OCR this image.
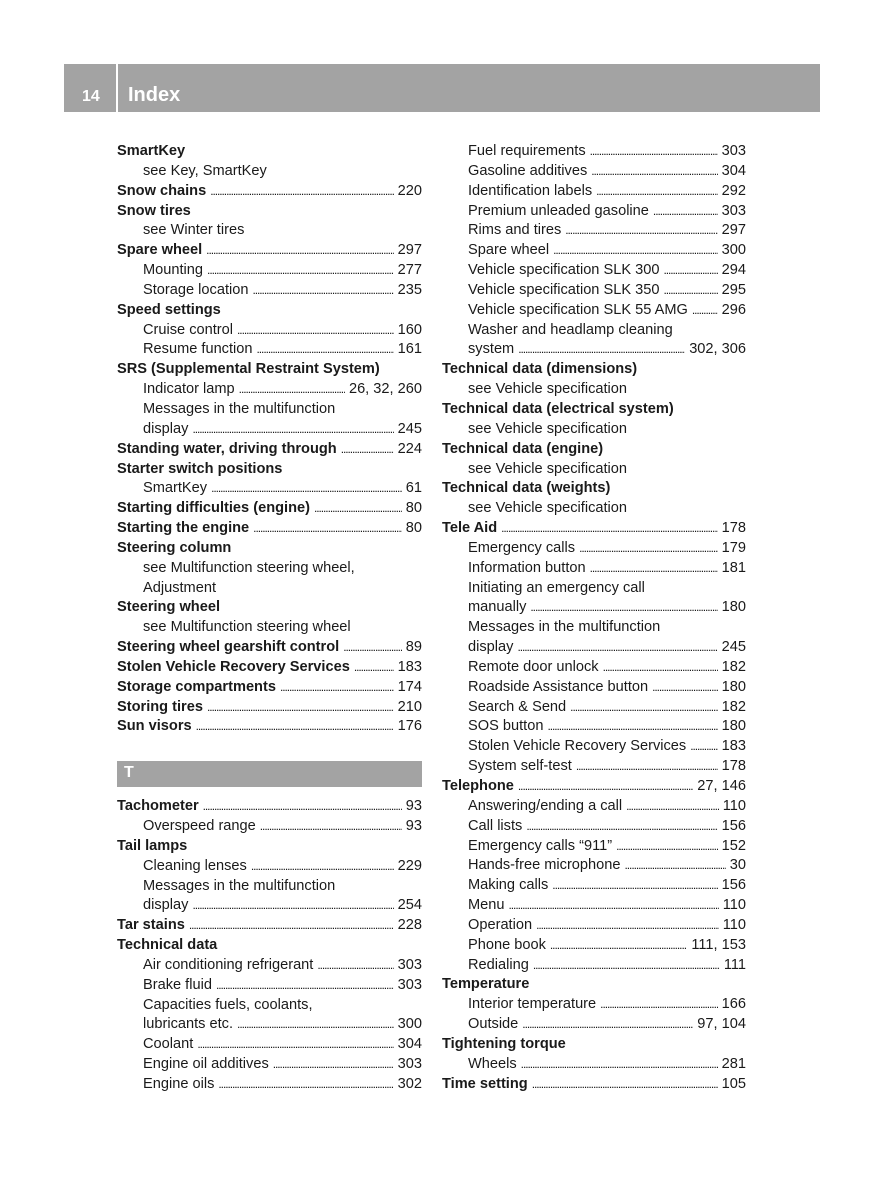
14 Index
SmartKey
see Key, SmartKey
Snow chains . . .	220
Snow tires
see Winter tires
Spare wheel . . .	297
Mounting . . .	277
Storage location . . .	235
Speed settings
Cruise control . . .	160
Resume function . . .	161
SRS (Supplemental Restraint System)
Indicator lamp . . .	26, 32, 260
Messages in the multifunction
display . . .	245
Standing water, driving through . . .	224
Starter switch positions
SmartKey . . .	61
Starting difficulties (engine) . . .	80
Starting the engine . . .	80
Steering column
see Multifunction steering wheel,
Adjustment
Steering wheel
see Multifunction steering wheel
Steering wheel gearshift control . . .	89
Stolen Vehicle Recovery Services . . .	183
Storage compartments . . .	174
Storing tires . . .	210
Sun visors . . .	176
T
Tachometer . . .	93
Overspeed range . . .	93
Tail lamps
Cleaning lenses . . .	229
Messages in the multifunction
display . . .	254
Tar stains . . .	228
Technical data
Air conditioning refrigerant . . .	303
Brake fluid . . .	303
Capacities fuels, coolants,
lubricants etc. . . .	300
Coolant . . .	304
Engine oil additives . . .	303
Engine oils . . .	302
Fuel requirements . . .	303
Gasoline additives . . .	304
Identification labels . . .	292
Premium unleaded gasoline . . .	303
Rims and tires . . .	297
Spare wheel . . .	300
Vehicle specification SLK 300 . . .	294
Vehicle specification SLK 350 . . .	295
Vehicle specification SLK 55 AMG . . . 296
Washer and headlamp cleaning
system . . .	302, 306
Technical data (dimensions)
see Vehicle specification
Technical data (electrical system)
see Vehicle specification
Technical data (engine)
see Vehicle specification
Technical data (weights)
see Vehicle specification
Tele Aid . . .	178
Emergency calls . . .	179
Information button . . .	181
Initiating an emergency call
manually . . .	180
Messages in the multifunction
display . . .	245
Remote door unlock . . .	182
Roadside Assistance button . . .	180
Search & Send . . .	182
SOS button . . .	180
Stolen Vehicle Recovery Services . . . 183
System self-test . . .	178
Telephone . . .	27, 146
Answering/ending a call . . .	110
Call lists . . .	156
Emergency calls “911” . . .	152
Hands-free microphone . . .	30
Making calls . . .	156
Menu . . .	110
Operation . . .	110
Phone book . . .	111, 153
Redialing . . .	111
Temperature
Interior temperature . . .	166
Outside . . .	97, 104
Tightening torque
Wheels . . .	281
Time setting . . .	105
